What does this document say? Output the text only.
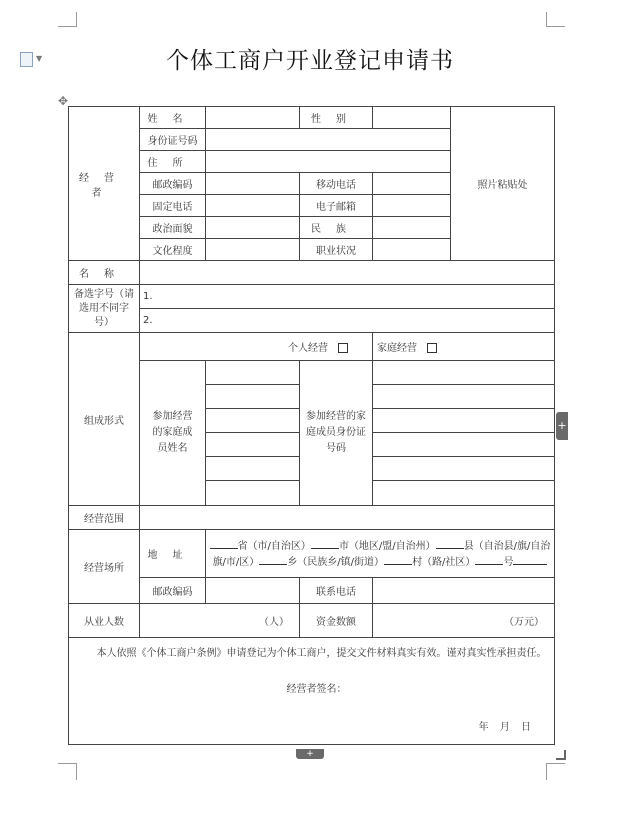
▼
✥
+
+
个体工商户开业登记申请书
经营者	姓名		性别		照片粘贴处
	身份证号码				
	住所				
	邮政编码		移动电话		
	固定电话		电子邮箱		
	政治面貌		民族		
	文化程度		职业状况		
名称					
备选字号（请选用不同字号）	1.				
	2.				
组成形式	个人经营			家庭经营	
	参加经营的家庭成员姓名		参加经营的家庭成员身份证号码		

经营范围					
经营场所	地址	省（市/自治区） 市（地区/盟/自治州） 县（自治县/旗/自治旗/市/区） 乡（民族乡/镇/街道） 村（路/社区） 号			
	邮政编码		联系电话		
从业人数	（人）		资金数额	（万元）	

本人依照《个体工商户条例》申请登记为个体工商户，提交文件材料真实有效。谨对真实性承担责任。

经营者签名：
年 月 日					
